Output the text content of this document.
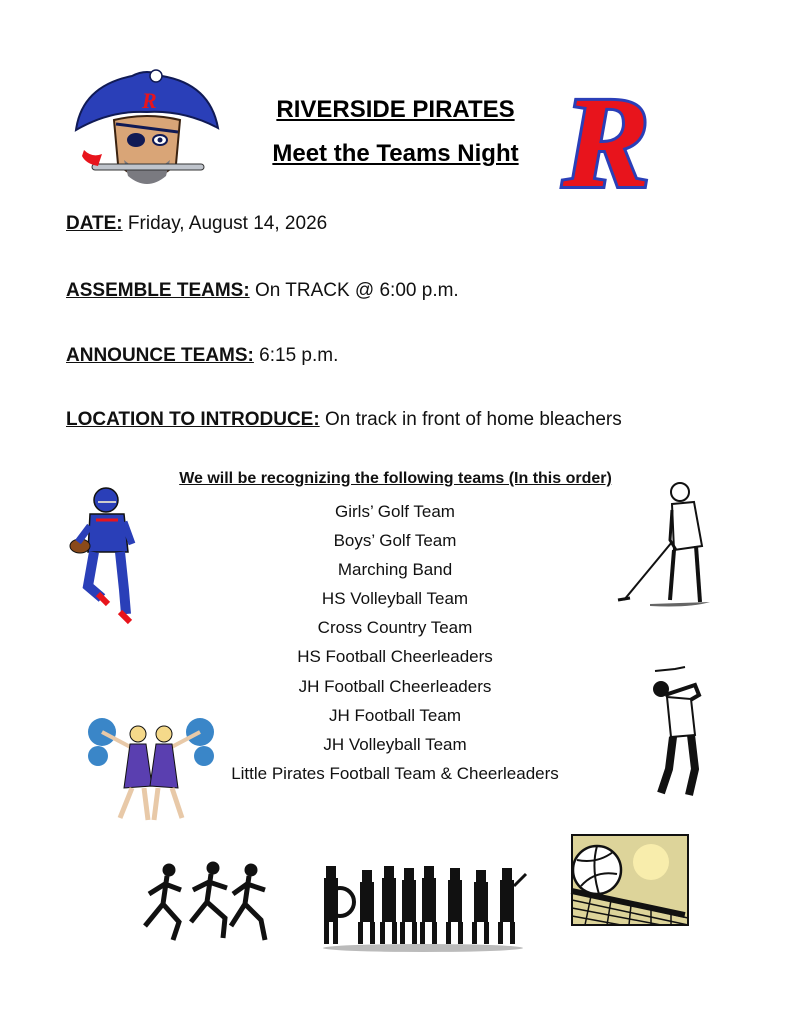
R	RIVERSIDE PIRATES
Meet the Teams Night R
DATE: Friday, August 14, 2026
ASSEMBLE TEAMS: On TRACK @ 6:00 p.m.
ANNOUNCE TEAMS: 6:15 p.m.
LOCATION TO INTRODUCE: On track in front of home bleachers
We will be recognizing the following teams (In this order)
Girls’ Golf Team
Boys’ Golf Team
Marching Band
HS Volleyball Team
Cross Country Team
HS Football Cheerleaders
JH Football Cheerleaders
JH Football Team
JH Volleyball Team
Little Pirates Football Team & Cheerleaders
